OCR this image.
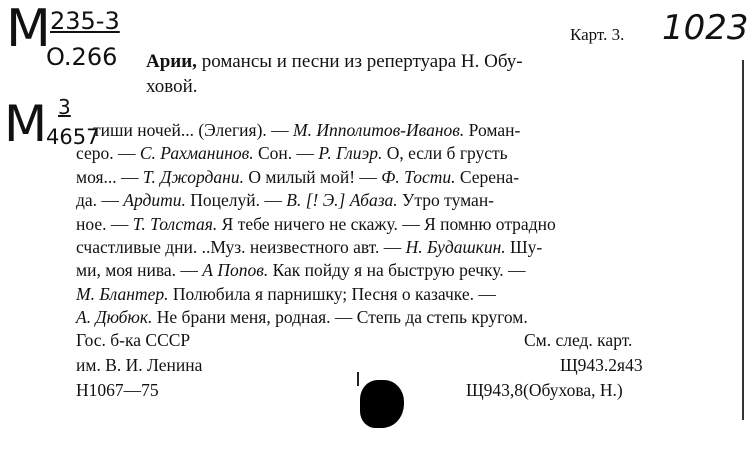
М 235-3
O.266
М 3
4657
Карт. 3. 1023
Арии, романсы и песни из репертуара Н. Обу-
ховой.
тиши ночей... (Элегия). — М. Ипполитов-Иванов. Роман-
серо. — С. Рахманинов. Сон. — Р. Глиэр. О, если б грусть
моя... — Т. Джордани. О милый мой! — Ф. Тости. Серена-
да. — Ардити. Поцелуй. — В. [! Э.] Абаза. Утро туман-
ное. — Т. Толстая. Я тебе ничего не скажу. — Я помню отрадно
счастливые дни. ..Муз. неизвестного авт. — Н. Будашкин. Шу-
ми, моя нива. — А Попов. Как пойду я на быструю речку. —
М. Блантер. Полюбила я парнишку; Песня о казачке. —
А. Дюбюк. Не брани меня, родная. — Степь да степь кругом.
Гос. б-ка СССР
им. В. И. Ленина
Н1067—75
См. след. карт.
Щ943.2я43
Щ943,8(Обухова, Н.)
